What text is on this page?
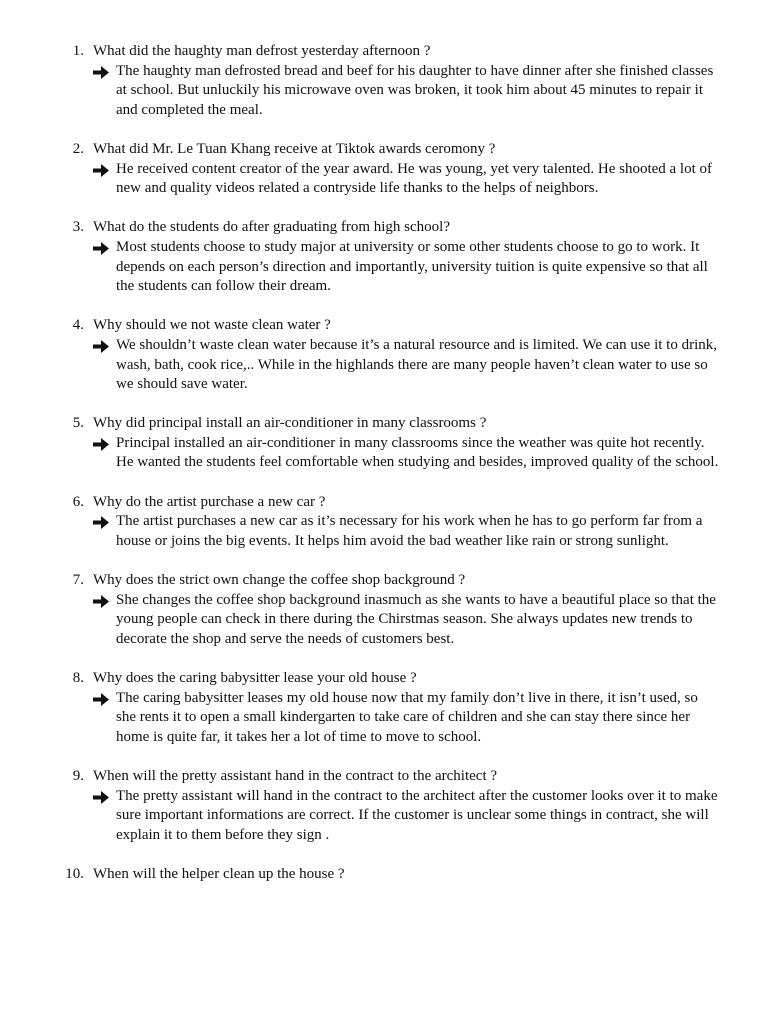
1. What did the haughty man defrost yesterday afternoon ?
The haughty man defrosted bread and beef for his daughter to have dinner after she finished classes at school. But unluckily his microwave oven was broken, it took him about 45 minutes to repair it and completed the meal.
2. What did Mr. Le Tuan Khang receive at Tiktok awards ceromony ?
He received content creator of the year award. He was young, yet very talented. He shooted a lot of new and quality videos related a contryside life thanks to the helps of neighbors.
3. What do the students do after graduating from high school?
Most students choose to study major at university or some other students choose to go to work. It depends on each person’s direction and importantly, university tuition is quite expensive so that all the students can follow their dream.
4. Why should we not waste clean water ?
We shouldn’t waste clean water because it’s a natural resource and is limited. We can use it to drink, wash, bath, cook rice,.. While in the highlands there are many people haven’t clean water to use so we should save water.
5. Why did principal install an air-conditioner in many classrooms ?
Principal installed an air-conditioner in many classrooms since the weather was quite hot recently. He wanted the students feel comfortable when studying and besides, improved quality of the school.
6. Why do the artist purchase a new car ?
The artist purchases a new car as it’s necessary for his work when he has to go perform far from a house or joins the big events. It helps him avoid the bad weather like rain or strong sunlight.
7. Why does the strict own change the coffee shop background ?
She changes the coffee shop background inasmuch as she wants to have a beautiful place so that the young people can check in there during the Chirstmas season. She always updates new trends to decorate the shop and serve the needs of customers best.
8. Why does the caring babysitter lease your old house ?
The caring babysitter leases my old house now that my family don’t live in there, it isn’t used, so she rents it to open a small kindergarten to take care of children and she can stay there since her home is quite far, it takes her a lot of time to move to school.
9. When will the pretty assistant hand in the contract to the architect ?
The pretty assistant will hand in the contract to the architect after the customer looks over it to make sure important informations are correct. If the customer is unclear some things in contract, she will explain it to them before they sign .
10. When will the helper clean up the house ?
